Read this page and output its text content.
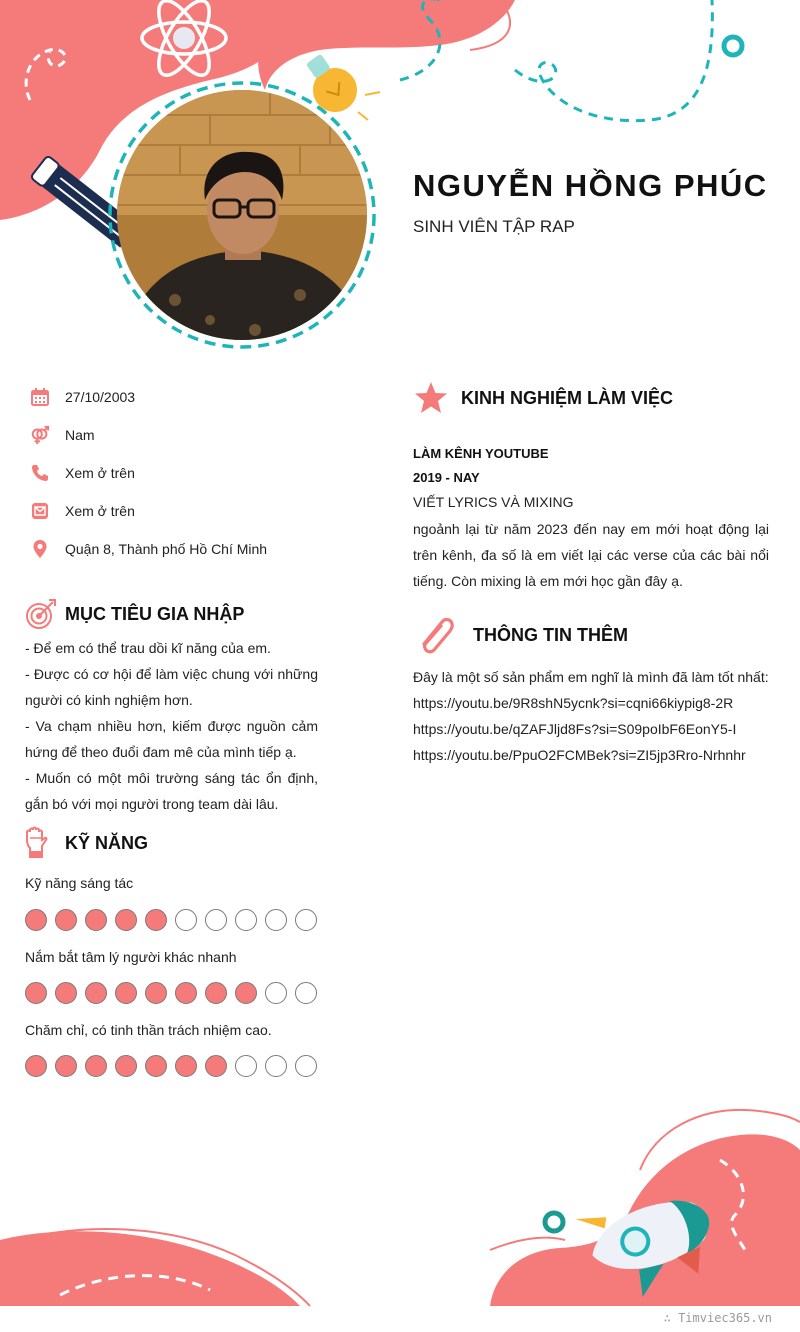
NGUYỄN HỒNG PHÚC
SINH VIÊN TẬP RAP
27/10/2003
Nam
Xem ở trên
Xem ở trên
Quận 8, Thành phố Hồ Chí Minh
MỤC TIÊU GIA NHẬP

- Để em có thể trau dồi kĩ năng của em.

- Được có cơ hội để làm việc chung với những người có kinh nghiệm hơn.

- Va chạm nhiều hơn, kiếm được nguồn cảm hứng để theo đuổi đam mê của mình tiếp ạ.

- Muốn có một môi trường sáng tác ổn định, gắn bó với mọi người trong team dài lâu.

KỸ NĂNG
Kỹ năng sáng tác
Nắm bắt tâm lý người khác nhanh
Chăm chỉ, có tinh thần trách nhiệm cao.
KINH NGHIỆM LÀM VIỆC
LÀM KÊNH YOUTUBE
2019 - NAY
VIẾT LYRICS VÀ MIXING
ngoảnh lại từ năm 2023 đến nay em mới hoạt động lại trên kênh, đa số là em viết lại các verse của các bài nổi tiếng. Còn mixing là em mới học gần đây ạ.
THÔNG TIN THÊM
Đây là một số sản phẩm em nghĩ là mình đã làm tốt nhất:
https://youtu.be/9R8shN5ycnk?si=cqni66kiypig8-2R
https://youtu.be/qZAFJljd8Fs?si=S09poIbF6EonY5-I
https://youtu.be/PpuO2FCMBek?si=ZI5jp3Rro-Nrhnhr
∴ Timviec365.vn
